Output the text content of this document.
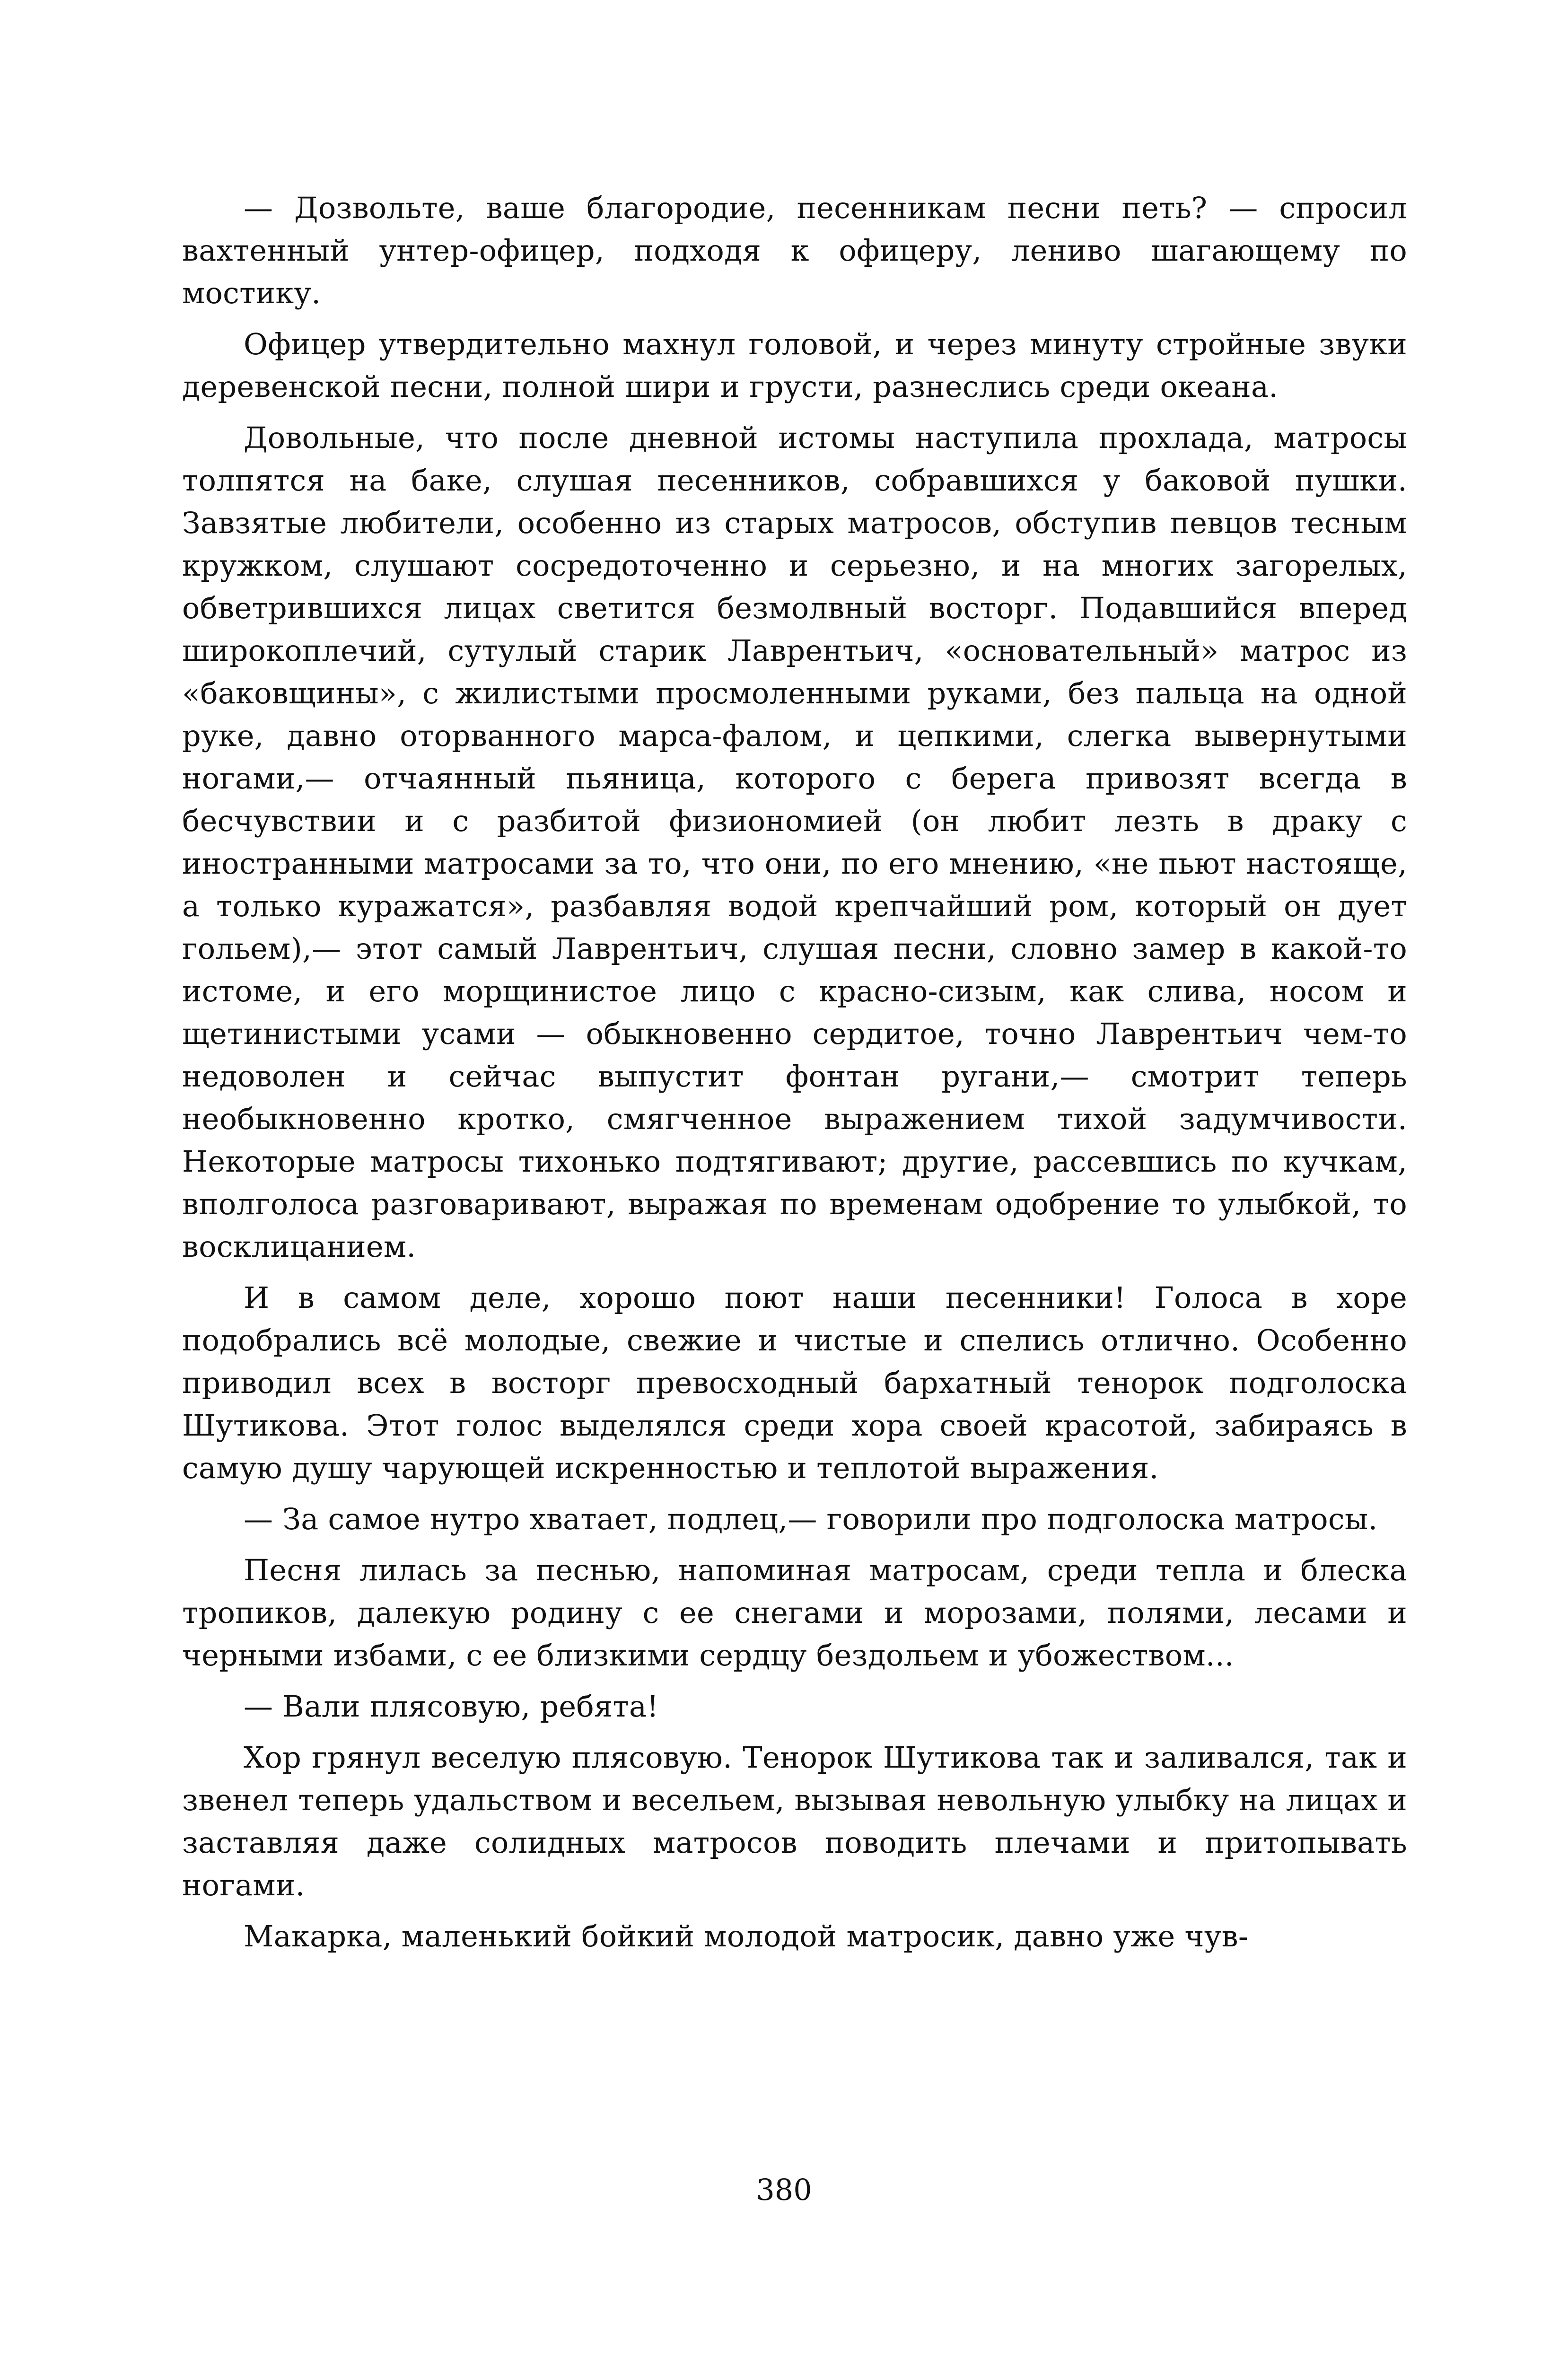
— Дозвольте, ваше благородие, песенникам песни петь? — спросил вахтенный унтер-офицер, подходя к офицеру, лениво шагающему по мостику.

Офицер утвердительно махнул головой, и через минуту стройные звуки деревенской песни, полной шири и грусти, разнеслись среди океана.

Довольные, что после дневной истомы наступила прохлада, матросы толпятся на баке, слушая песенников, собравшихся у баковой пушки. Завзятые любители, особенно из старых матросов, обступив певцов тесным кружком, слушают сосредоточенно и серьезно, и на многих загорелых, обветрившихся лицах светится безмолвный восторг. Подавшийся вперед широкоплечий, сутулый старик Лаврентьич, «основательный» матрос из «баковщины», с жилистыми просмоленными руками, без пальца на одной руке, давно оторванного марса-фалом, и цепкими, слегка вывернутыми ногами,— отчаянный пьяница, которого с берега привозят всегда в бесчувствии и с разбитой физиономией (он любит лезть в драку с иностранными матросами за то, что они, по его мнению, «не пьют настояще, а только куражатся», разбавляя водой крепчайший ром, который он дует гольем),— этот самый Лаврентьич, слушая песни, словно замер в какой-то истоме, и его морщинистое лицо с красно-сизым, как слива, носом и щетинистыми усами — обыкновенно сердитое, точно Лаврентьич чем-то недоволен и сейчас выпустит фонтан ругани,— смотрит теперь необыкновенно кротко, смягченное выражением тихой задумчивости. Некоторые матросы тихонько подтягивают; другие, рассевшись по кучкам, вполголоса разговаривают, выражая по временам одобрение то улыбкой, то восклицанием.

И в самом деле, хорошо поют наши песенники! Голоса в хоре подобрались всё молодые, свежие и чистые и спелись отлично. Особенно приводил всех в восторг превосходный бархатный тенорок подголоска Шутикова. Этот голос выделялся среди хора своей красотой, забираясь в самую душу чарующей искренностью и теплотой выражения.

— За самое нутро хватает, подлец,— говорили про подголоска матросы.

Песня лилась за песнью, напоминая матросам, среди тепла и блеска тропиков, далекую родину с ее снегами и морозами, полями, лесами и черными избами, с ее близкими сердцу бездольем и убожеством...

— Вали плясовую, ребята!

Хор грянул веселую плясовую. Тенорок Шутикова так и заливался, так и звенел теперь удальством и весельем, вызывая невольную улыбку на лицах и заставляя даже солидных матросов поводить плечами и притопывать ногами.

Макарка, маленький бойкий молодой матросик, давно уже чув-

380
